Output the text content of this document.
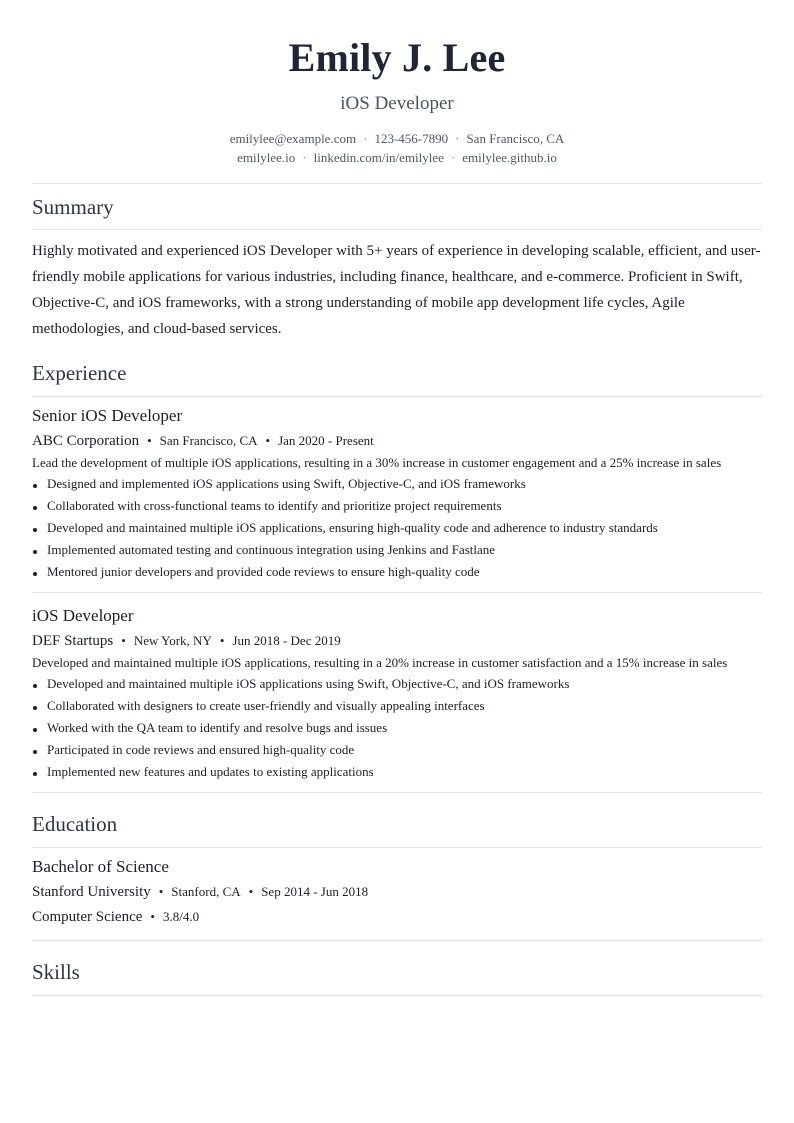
Emily J. Lee
iOS Developer
emilylee@example.com · 123-456-7890 · San Francisco, CA
emilylee.io · linkedin.com/in/emilylee · emilylee.github.io
Summary

Highly motivated and experienced iOS Developer with 5+ years of experience in developing scalable, efficient, and user-friendly mobile applications for various industries, including finance, healthcare, and e-commerce. Proficient in Swift, Objective-C, and iOS frameworks, with a strong understanding of mobile app development life cycles, Agile methodologies, and cloud-based services.

Experience
Senior iOS Developer
ABC Corporation • San Francisco, CA • Jan 2020 - Present
Lead the development of multiple iOS applications, resulting in a 30% increase in customer engagement and a 25% increase in sales
Designed and implemented iOS applications using Swift, Objective-C, and iOS frameworks
Collaborated with cross-functional teams to identify and prioritize project requirements
Developed and maintained multiple iOS applications, ensuring high-quality code and adherence to industry standards
Implemented automated testing and continuous integration using Jenkins and Fastlane
Mentored junior developers and provided code reviews to ensure high-quality code
iOS Developer
DEF Startups • New York, NY • Jun 2018 - Dec 2019
Developed and maintained multiple iOS applications, resulting in a 20% increase in customer satisfaction and a 15% increase in sales
Developed and maintained multiple iOS applications using Swift, Objective-C, and iOS frameworks
Collaborated with designers to create user-friendly and visually appealing interfaces
Worked with the QA team to identify and resolve bugs and issues
Participated in code reviews and ensured high-quality code
Implemented new features and updates to existing applications
Education
Bachelor of Science
Stanford University • Stanford, CA • Sep 2014 - Jun 2018
Computer Science • 3.8/4.0
Skills
